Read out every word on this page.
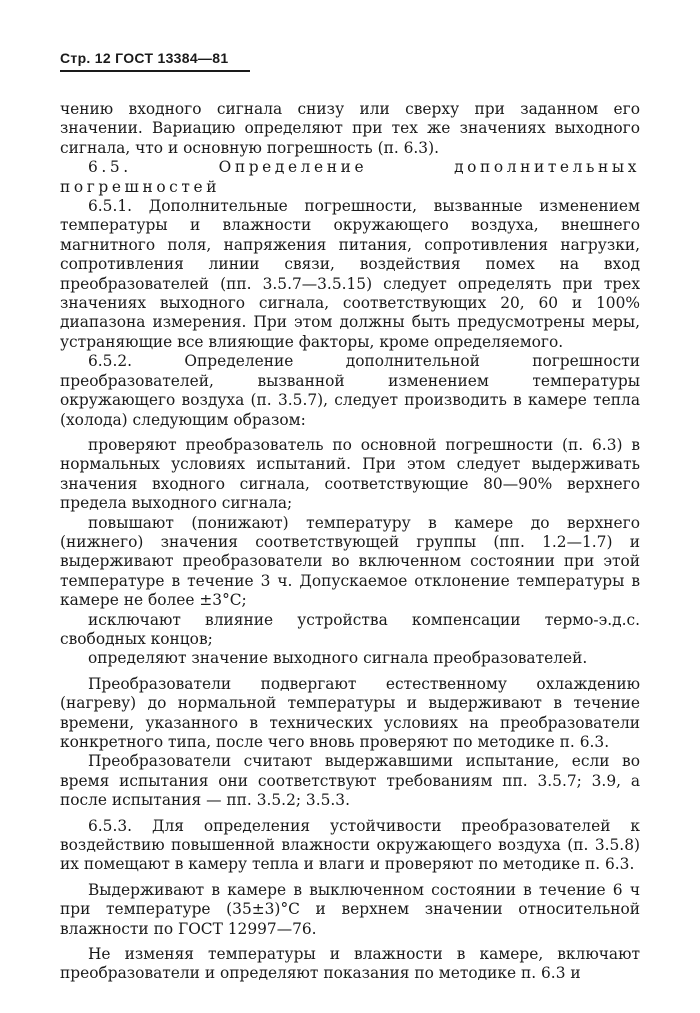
Стр. 12 ГОСТ 13384—81

чению входного сигнала снизу или сверху при заданном его значении. Вариацию определяют при тех же значениях выходного сигнала, что и основную погрешность (п. 6.3).

6.5. Определение дополнительных погрешностей

6.5.1. Дополнительные погрешности, вызванные изменением температуры и влажности окружающего воздуха, внешнего магнитного поля, напряжения питания, сопротивления нагрузки, сопротивления линии связи, воздействия помех на вход преобразователей (пп. 3.5.7—3.5.15) следует определять при трех значениях выходного сигнала, соответствующих 20, 60 и 100% диапазона измерения. При этом должны быть предусмотрены меры, устраняющие все влияющие факторы, кроме определяемого.

6.5.2. Определение дополнительной погрешности преобразователей, вызванной изменением температуры окружающего воздуха (п. 3.5.7), следует производить в камере тепла (холода) следующим образом:

проверяют преобразователь по основной погрешности (п. 6.3) в нормальных условиях испытаний. При этом следует выдерживать значения входного сигнала, соответствующие 80—90% верхнего предела выходного сигнала;

повышают (понижают) температуру в камере до верхнего (нижнего) значения соответствующей группы (пп. 1.2—1.7) и выдерживают преобразователи во включенном состоянии при этой температуре в течение 3 ч. Допускаемое отклонение температуры в камере не более ±3°С;

исключают влияние устройства компенсации термо-э.д.с. свободных концов;

определяют значение выходного сигнала преобразователей.

Преобразователи подвергают естественному охлаждению (нагреву) до нормальной температуры и выдерживают в течение времени, указанного в технических условиях на преобразователи конкретного типа, после чего вновь проверяют по методике п. 6.3.

Преобразователи считают выдержавшими испытание, если во время испытания они соответствуют требованиям пп. 3.5.7; 3.9, а после испытания — пп. 3.5.2; 3.5.3.

6.5.3. Для определения устойчивости преобразователей к воздействию повышенной влажности окружающего воздуха (п. 3.5.8) их помещают в камеру тепла и влаги и проверяют по методике п. 6.3.

Выдерживают в камере в выключенном состоянии в течение 6 ч при температуре (35±3)°С и верхнем значении относительной влажности по ГОСТ 12997—76.

Не изменяя температуры и влажности в камере, включают преобразователи и определяют показания по методике п. 6.3 и
